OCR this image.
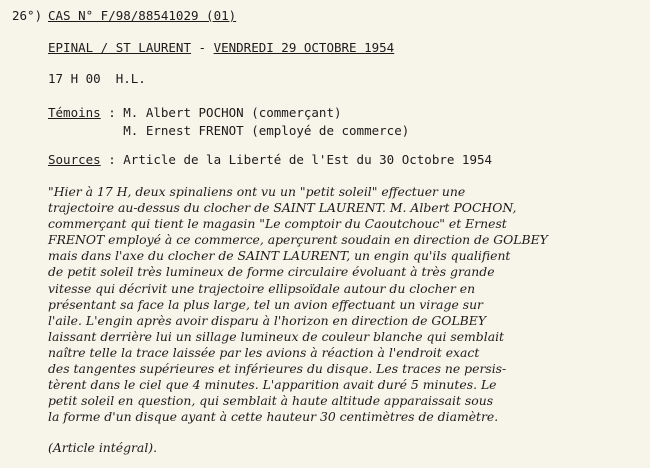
26°) CAS N° F/98/88541029 (01)
EPINAL / ST LAURENT - VENDREDI 29 OCTOBRE 1954
17 H 00  H.L.
Témoins : M. Albert POCHON (commerçant)
M. Ernest FRENOT (employé de commerce)
Sources : Article de la Liberté de l'Est du 30 Octobre 1954
"Hier à 17 H, deux spinaliens ont vu un "petit soleil" effectuer une
trajectoire au-dessus du clocher de SAINT LAURENT. M. Albert POCHON,
commerçant qui tient le magasin "Le comptoir du Caoutchouc" et Ernest
FRENOT employé à ce commerce, aperçurent soudain en direction de GOLBEY
mais dans l'axe du clocher de SAINT LAURENT, un engin qu'ils qualifient
de petit soleil très lumineux de forme circulaire évoluant à très grande
vitesse qui décrivit une trajectoire ellipsoïdale autour du clocher en
présentant sa face la plus large, tel un avion effectuant un virage sur
l'aile. L'engin après avoir disparu à l'horizon en direction de GOLBEY
laissant derrière lui un sillage lumineux de couleur blanche qui semblait
naître telle la trace laissée par les avions à réaction à l'endroit exact
des tangentes supérieures et inférieures du disque. Les traces ne persis-
tèrent dans le ciel que 4 minutes. L'apparition avait duré 5 minutes. Le
petit soleil en question, qui semblait à haute altitude apparaissait sous
la forme d'un disque ayant à cette hauteur 30 centimètres de diamètre.
(Article intégral).
